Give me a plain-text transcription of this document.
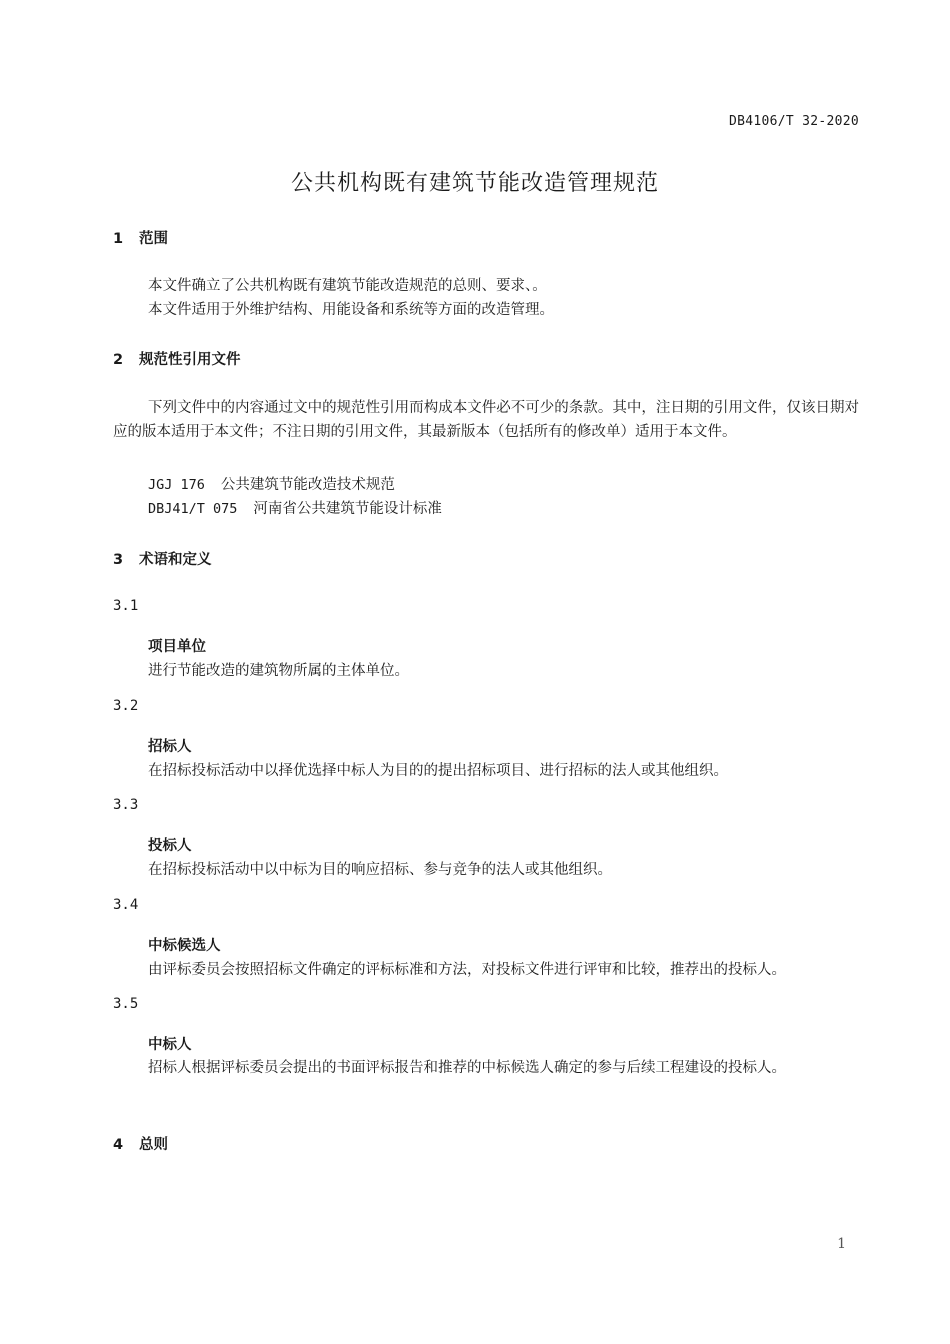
DB4106/T 32-2020
公共机构既有建筑节能改造管理规范
1 范围
本文件确立了公共机构既有建筑节能改造规范的总则、要求、。
本文件适用于外维护结构、用能设备和系统等方面的改造管理。
2 规范性引用文件
下列文件中的内容通过文中的规范性引用而构成本文件必不可少的条款。其中，注日期的引用文件，仅该日期对应的版本适用于本文件；不注日期的引用文件，其最新版本（包括所有的修改单）适用于本文件。
JGJ 176 公共建筑节能改造技术规范
DBJ41/T 075 河南省公共建筑节能设计标准
3 术语和定义
3.1
项目单位
进行节能改造的建筑物所属的主体单位。
3.2
招标人
在招标投标活动中以择优选择中标人为目的的提出招标项目、进行招标的法人或其他组织。
3.3
投标人
在招标投标活动中以中标为目的响应招标、参与竞争的法人或其他组织。
3.4
中标候选人
由评标委员会按照招标文件确定的评标标准和方法，对投标文件进行评审和比较，推荐出的投标人。
3.5
中标人
招标人根据评标委员会提出的书面评标报告和推荐的中标候选人确定的参与后续工程建设的投标人。
4 总则
1
